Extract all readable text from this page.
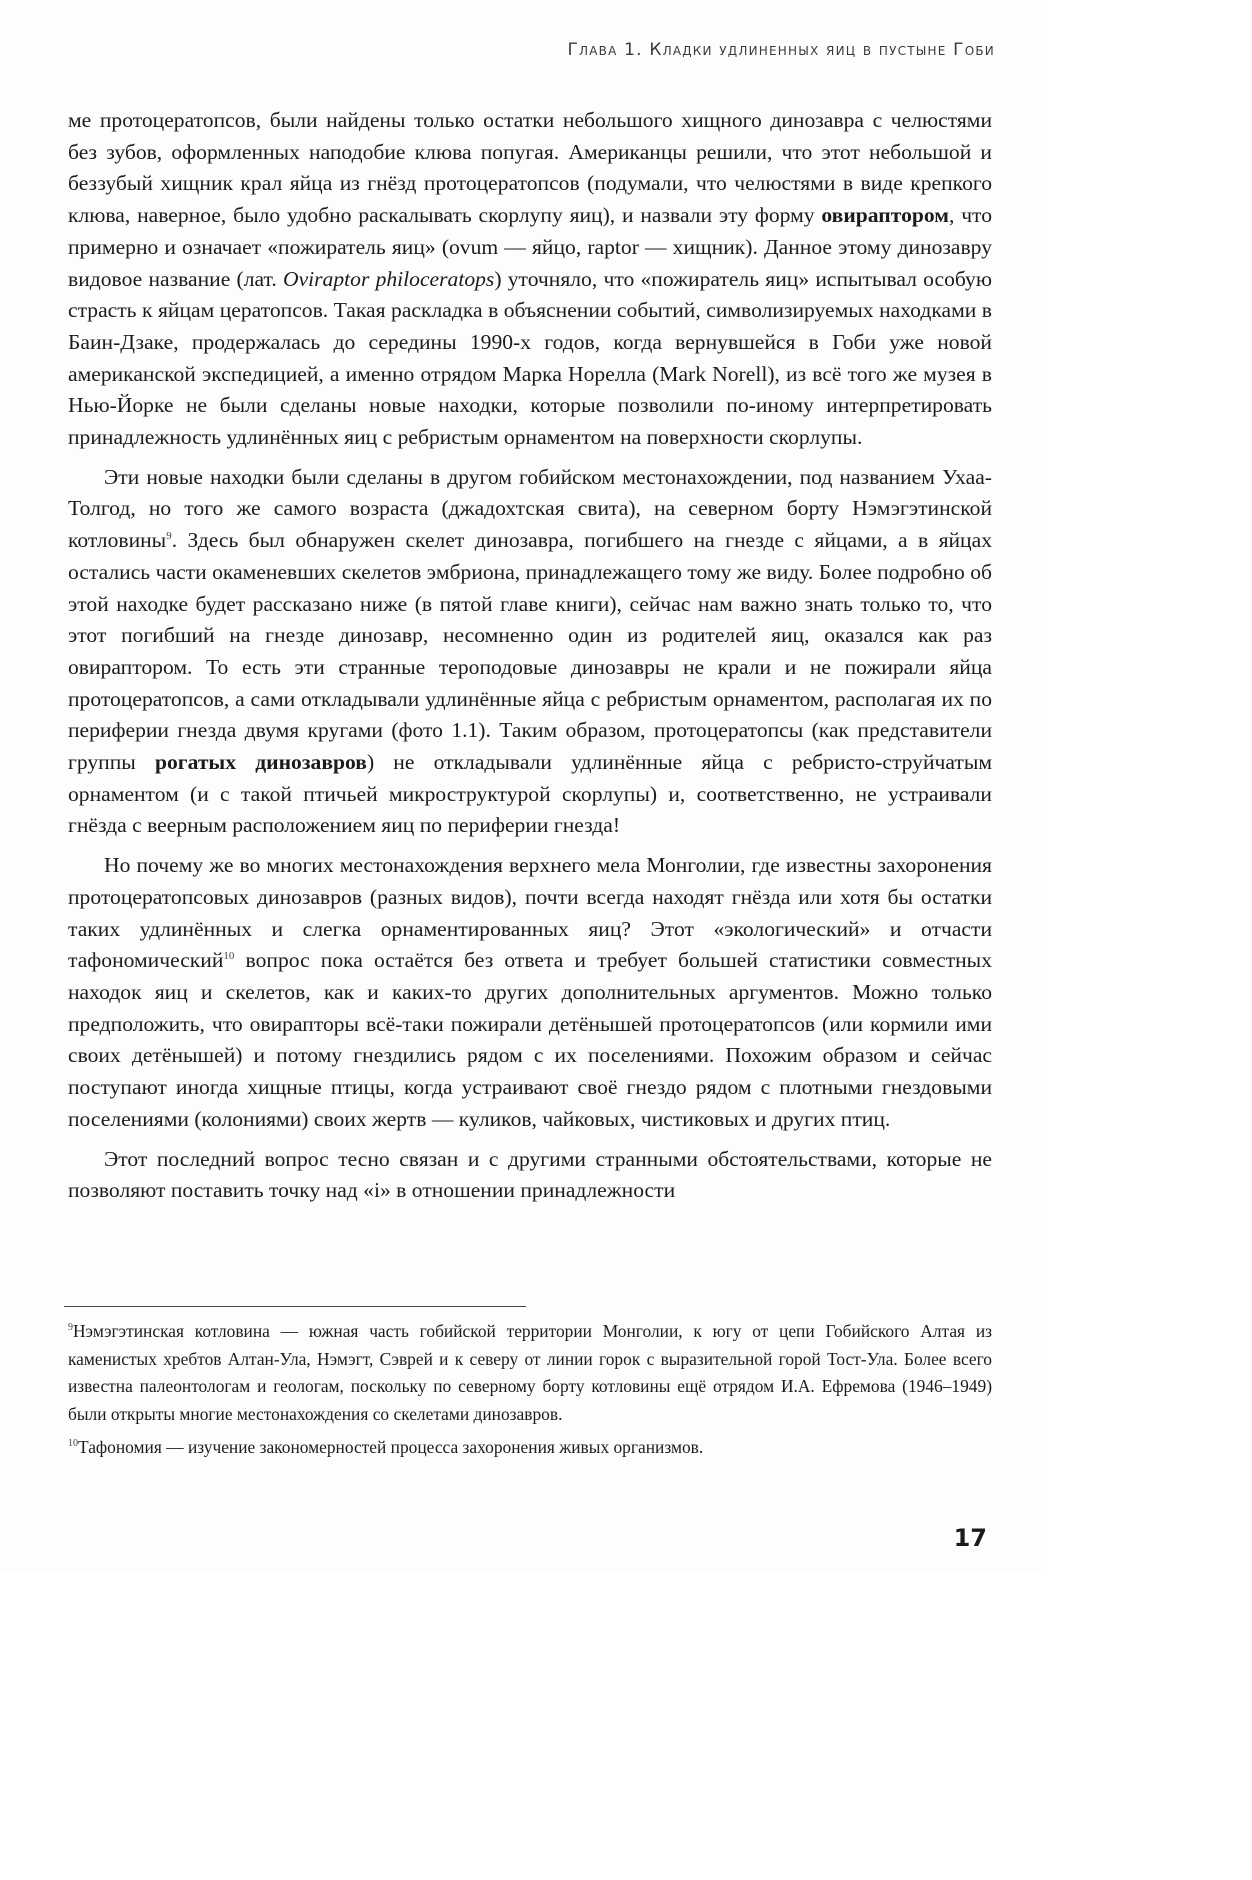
Глава 1. Кладки удлиненных яиц в пустыне Гоби

ме протоцератопсов, были найдены только остатки небольшого хищного динозавра с челюстями без зубов, оформленных наподобие клюва попугая. Американцы решили, что этот небольшой и беззубый хищник крал яйца из гнёзд протоцератопсов (подумали, что челюстями в виде крепкого клюва, наверное, было удобно раскалывать скорлупу яиц), и назвали эту форму овираптором, что примерно и означает «пожиратель яиц» (ovum — яйцо, raptor — хищник). Данное этому динозавру видовое название (лат. Oviraptor philoceratops) уточняло, что «пожиратель яиц» испытывал особую страсть к яйцам цератопсов. Такая раскладка в объяснении событий, символизируемых находками в Баин-Дзаке, продержалась до середины 1990-х годов, когда вернувшейся в Гоби уже новой американской экспедицией, а именно отрядом Марка Норелла (Mark Norell), из всё того же музея в Нью-Йорке не были сделаны новые находки, которые позволили по-иному интерпретировать принадлежность удлинённых яиц с ребристым орнаментом на поверхности скорлупы.

Эти новые находки были сделаны в другом гобийском местонахождении, под названием Ухаа-Толгод, но того же самого возраста (джадохтская свита), на северном борту Нэмэгэтинской котловины$^9$. Здесь был обнаружен скелет динозавра, погибшего на гнезде с яйцами, а в яйцах остались части окаменевших скелетов эмбриона, принадлежащего тому же виду. Более подробно об этой находке будет рассказано ниже (в пятой главе книги), сейчас нам важно знать только то, что этот погибший на гнезде динозавр, несомненно один из родителей яиц, оказался как раз овираптором. То есть эти странные тероподовые динозавры не крали и не пожирали яйца протоцератопсов, а сами откладывали удлинённые яйца с ребристым орнаментом, располагая их по периферии гнезда двумя кругами (фото 1.1). Таким образом, протоцератопсы (как представители группы рогатых динозавров) не откладывали удлинённые яйца с ребристо-струйчатым орнаментом (и с такой птичьей микроструктурой скорлупы) и, соответственно, не устраивали гнёзда с веерным расположением яиц по периферии гнезда!

Но почему же во многих местонахождения верхнего мела Монголии, где известны захоронения протоцератопсовых динозавров (разных видов), почти всегда находят гнёзда или хотя бы остатки таких удлинённых и слегка орнаментированных яиц? Этот «экологический» и отчасти тафономический$^{10}$ вопрос пока остаётся без ответа и требует большей статистики совместных находок яиц и скелетов, как и каких-то других дополнительных аргументов. Можно только предположить, что овирапторы всё-таки пожирали детёнышей протоцератопсов (или кормили ими своих детёнышей) и потому гнездились рядом с их поселениями. Похожим образом и сейчас поступают иногда хищные птицы, когда устраивают своё гнездо рядом с плотными гнездовыми поселениями (колониями) своих жертв — куликов, чайковых, чистиковых и других птиц.

Этот последний вопрос тесно связан и с другими странными обстоятельствами, которые не позволяют поставить точку над «i» в отношении принадлежности

$^9$Нэмэгэтинская котловина — южная часть гобийской территории Монголии, к югу от цепи Гобийского Алтая из каменистых хребтов Алтан-Ула, Нэмэгт, Сэврей и к северу от линии горок с выразительной горой Тост-Ула. Более всего известна палеонтологам и геологам, поскольку по северному борту котловины ещё отрядом И.А. Ефремова (1946–1949) были открыты многие местонахождения со скелетами динозавров.

$^{10}$Тафономия — изучение закономерностей процесса захоронения живых организмов.

17
